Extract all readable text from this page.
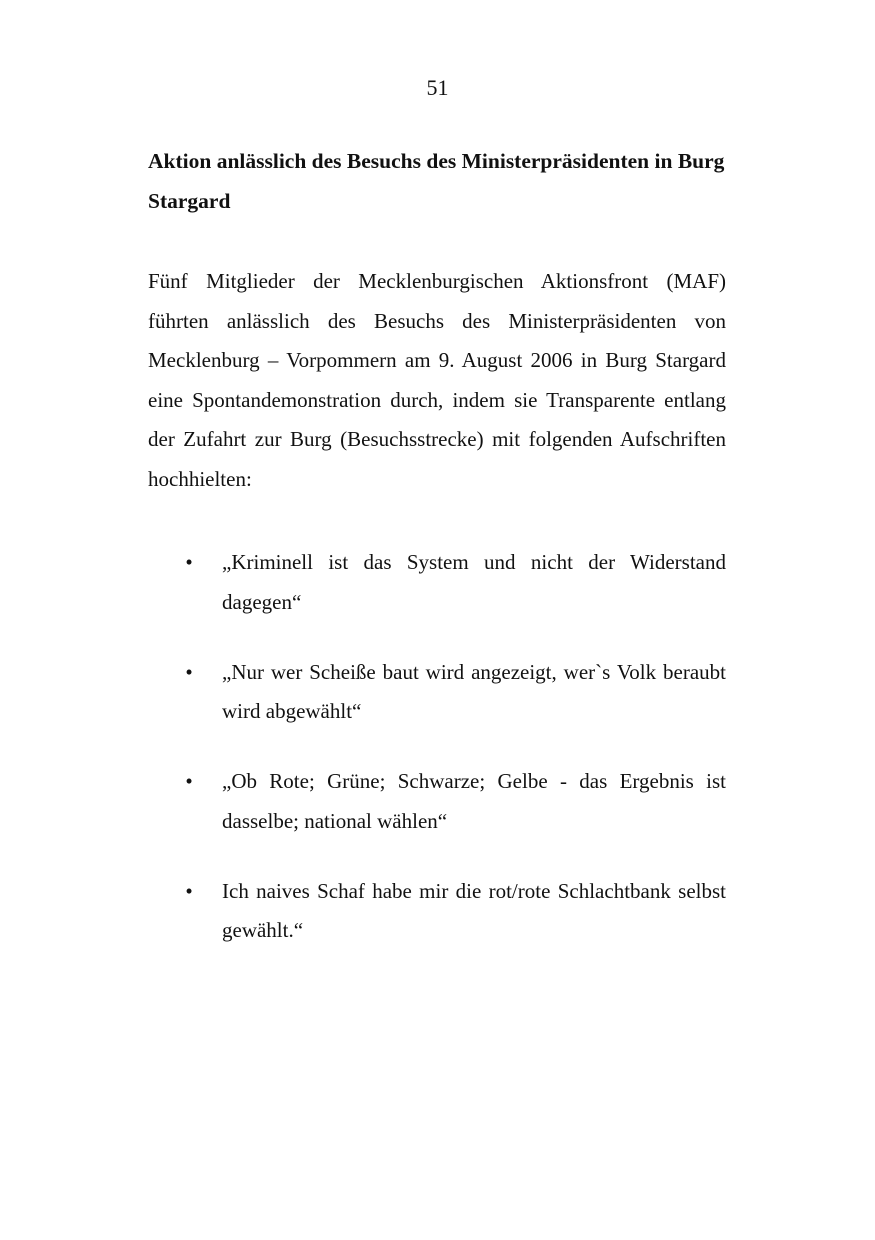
51
Aktion anlässlich des Besuchs des Ministerpräsidenten in Burg Stargard

Fünf Mitglieder der Mecklenburgischen Aktionsfront (MAF) führten anlässlich des Besuchs des Ministerpräsidenten von Mecklenburg – Vorpommern am 9. August 2006 in Burg Stargard eine Spontandemonstration durch, indem sie Transparente entlang der Zufahrt zur Burg (Besuchsstrecke) mit folgenden Aufschriften hochhielten:

• „Kriminell ist das System und nicht der Widerstand dagegen“
• „Nur wer Scheiße baut wird angezeigt, wer`s Volk beraubt wird abgewählt“
• „Ob Rote; Grüne; Schwarze; Gelbe - das Ergebnis ist dasselbe; national wählen“
• Ich naives Schaf habe mir die rot/rote Schlachtbank selbst gewählt.“
